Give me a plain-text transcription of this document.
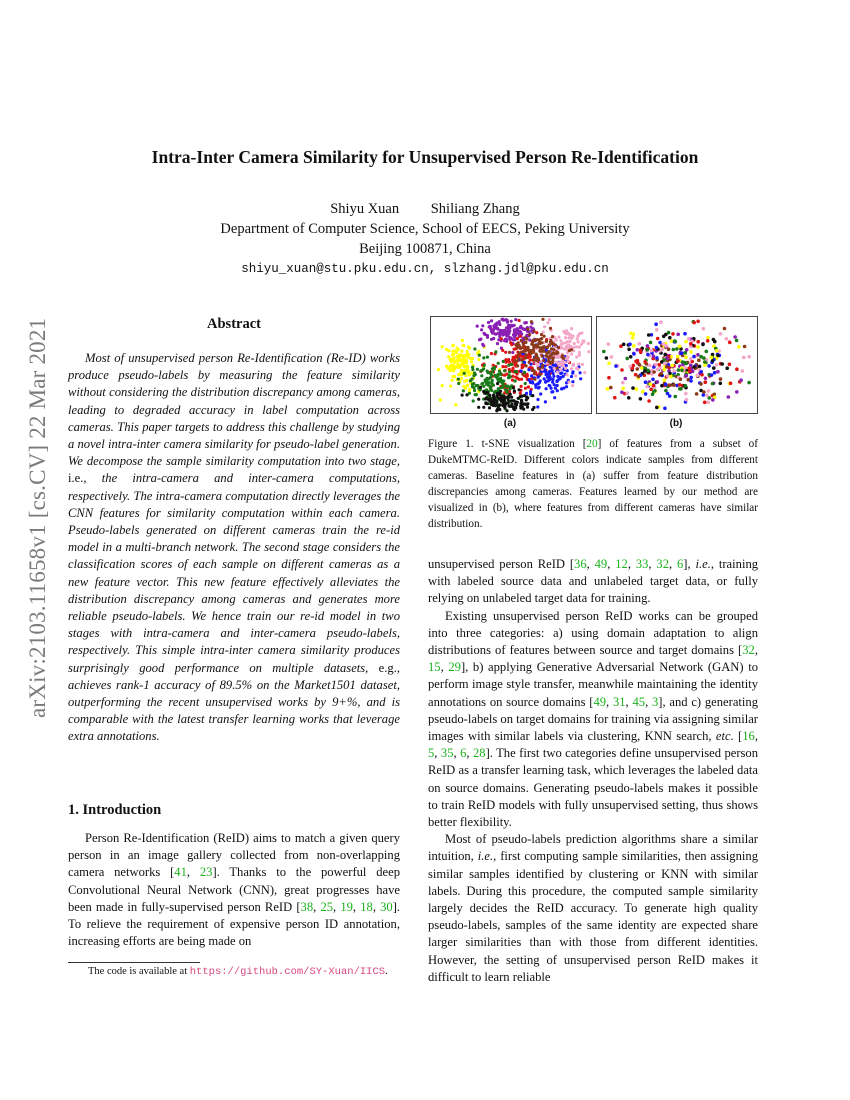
arXiv:2103.11658v1 [cs.CV] 22 Mar 2021
Intra-Inter Camera Similarity for Unsupervised Person Re-Identification
Shiyu Xuan Shiliang Zhang
Department of Computer Science, School of EECS, Peking University
Beijing 100871, China
shiyu_xuan@stu.pku.edu.cn, slzhang.jdl@pku.edu.cn
Abstract
Most of unsupervised person Re-Identification (Re-ID) works produce pseudo-labels by measuring the feature similarity without considering the distribution discrepancy among cameras, leading to degraded accuracy in label computation across cameras. This paper targets to address this challenge by studying a novel intra-inter camera similarity for pseudo-label generation. We decompose the sample similarity computation into two stage, i.e., the intra-camera and inter-camera computations, respectively. The intra-camera computation directly leverages the CNN features for similarity computation within each camera. Pseudo-labels generated on different cameras train the re-id model in a multi-branch network. The second stage considers the classification scores of each sample on different cameras as a new feature vector. This new feature effectively alleviates the distribution discrepancy among cameras and generates more reliable pseudo-labels. We hence train our re-id model in two stages with intra-camera and inter-camera pseudo-labels, respectively. This simple intra-inter camera similarity produces surprisingly good performance on multiple datasets, e.g., achieves rank-1 accuracy of 89.5% on the Market1501 dataset, outperforming the recent unsupervised works by 9+%, and is comparable with the latest transfer learning works that leverage extra annotations.
1. Introduction
Person Re-Identification (ReID) aims to match a given query person in an image gallery collected from non-overlapping camera networks [41, 23]. Thanks to the powerful deep Convolutional Neural Network (CNN), great progresses have been made in fully-supervised person ReID [38, 25, 19, 18, 30]. To relieve the requirement of expensive person ID annotation, increasing efforts are being made on
The code is available at https://github.com/SY-Xuan/IICS.
(a)	(b)
Figure 1. t-SNE visualization [20] of features from a subset of DukeMTMC-ReID. Different colors indicate samples from different cameras. Baseline features in (a) suffer from feature distribution discrepancies among cameras. Features learned by our method are visualized in (b), where features from different cameras have similar distribution.

unsupervised person ReID [36, 49, 12, 33, 32, 6], i.e., training with labeled source data and unlabeled target data, or fully relying on unlabeled target data for training.

Existing unsupervised person ReID works can be grouped into three categories: a) using domain adaptation to align distributions of features between source and target domains [32, 15, 29], b) applying Generative Adversarial Network (GAN) to perform image style transfer, meanwhile maintaining the identity annotations on source domains [49, 31, 45, 3], and c) generating pseudo-labels on target domains for training via assigning similar images with similar labels via clustering, KNN search, etc. [16, 5, 35, 6, 28]. The first two categories define unsupervised person ReID as a transfer learning task, which leverages the labeled data on source domains. Generating pseudo-labels makes it possible to train ReID models with fully unsupervised setting, thus shows better flexibility.

Most of pseudo-labels prediction algorithms share a similar intuition, i.e., first computing sample similarities, then assigning similar samples identified by clustering or KNN with similar labels. During this procedure, the computed sample similarity largely decides the ReID accuracy. To generate high quality pseudo-labels, samples of the same identity are expected share larger similarities than with those from different identities. However, the setting of unsupervised person ReID makes it difficult to learn reliable
